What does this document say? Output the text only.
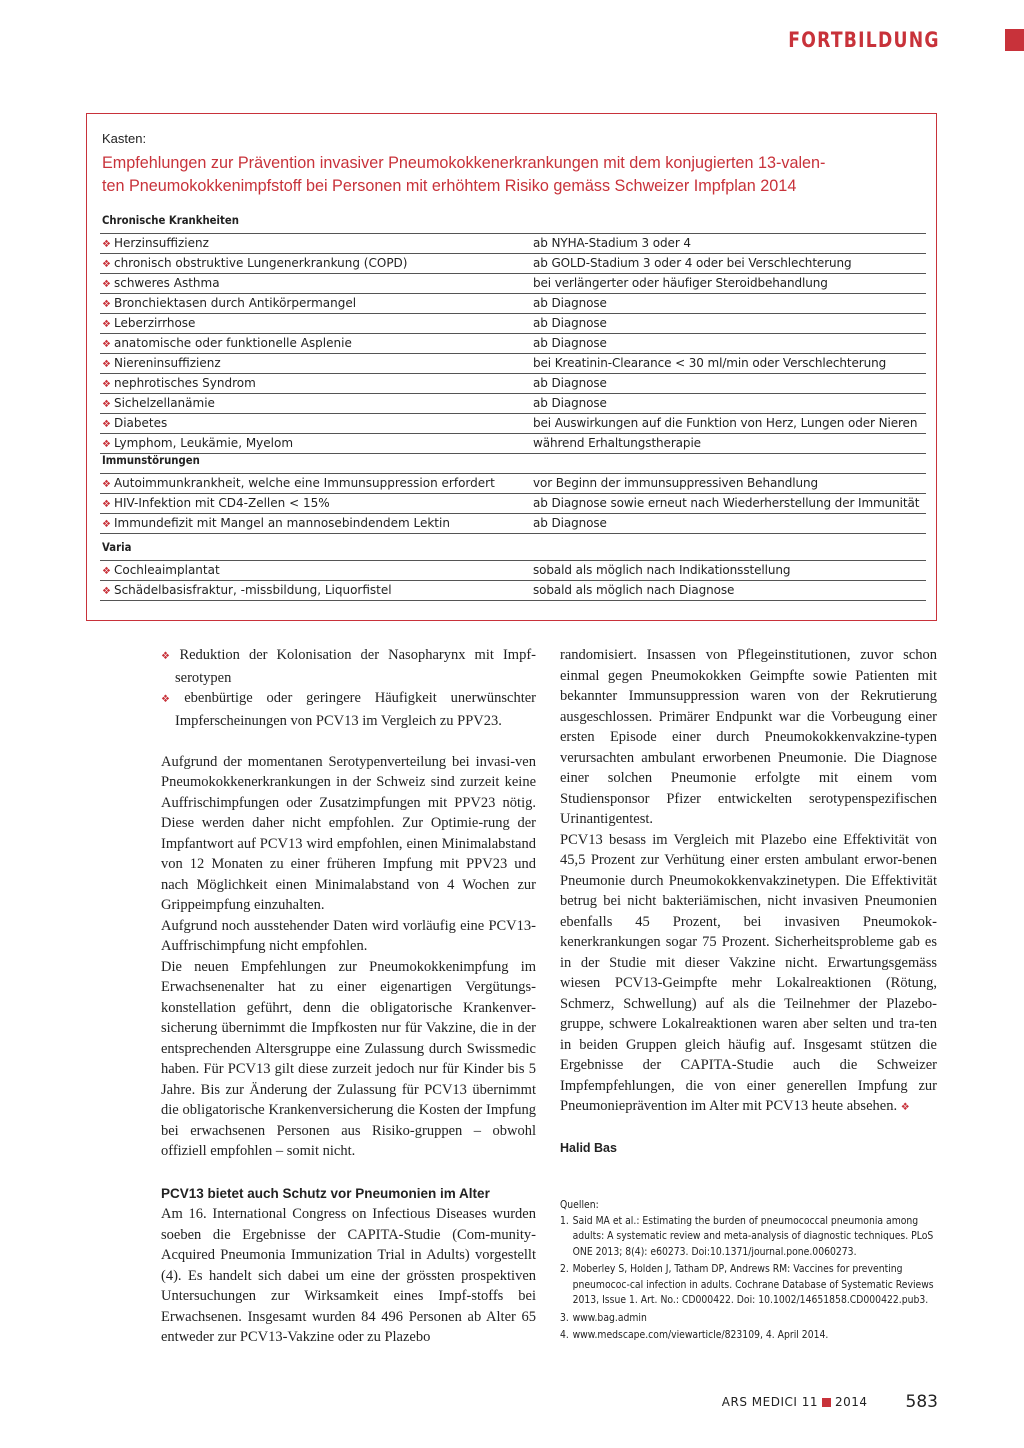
FORTBILDUNG
Kasten:
Empfehlungen zur Prävention invasiver Pneumokokkenerkrankungen mit dem konjugierten 13-valen-
ten Pneumokokkenimpfstoff bei Personen mit erhöhtem Risiko gemäss Schweizer Impfplan 2014
Chronische Krankheiten
❖ Herzinsuffizienz	ab NYHA-Stadium 3 oder 4
❖ chronisch obstruktive Lungenerkrankung (COPD)	ab GOLD-Stadium 3 oder 4 oder bei Verschlechterung
❖ schweres Asthma	bei verlängerter oder häufiger Steroidbehandlung
❖ Bronchiektasen durch Antikörpermangel	ab Diagnose
❖ Leberzirrhose	ab Diagnose
❖ anatomische oder funktionelle Asplenie	ab Diagnose
❖ Niereninsuffizienz	bei Kreatinin-Clearance < 30 ml/min oder Verschlechterung
❖ nephrotisches Syndrom	ab Diagnose
❖ Sichelzellanämie	ab Diagnose
❖ Diabetes	bei Auswirkungen auf die Funktion von Herz, Lungen oder Nieren
❖ Lymphom, Leukämie, Myelom	während Erhaltungstherapie
Immunstörungen
❖ Autoimmunkrankheit, welche eine Immunsuppression erfordert	vor Beginn der immunsuppressiven Behandlung
❖ HIV-Infektion mit CD4-Zellen < 15%	ab Diagnose sowie erneut nach Wiederherstellung der Immunität
❖ Immundefizit mit Mangel an mannosebindendem Lektin	ab Diagnose
Varia
❖ Cochleaimplantat	sobald als möglich nach Indikationsstellung
❖ Schädelbasisfraktur, -missbildung, Liquorfistel	sobald als möglich nach Diagnose

❖ Reduktion der Kolonisation der Nasopharynx mit Impf-serotypen

❖ ebenbürtige oder geringere Häufigkeit unerwünschter Impferscheinungen von PCV13 im Vergleich zu PPV23.

Aufgrund der momentanen Serotypenverteilung bei invasi-ven Pneumokokkenerkrankungen in der Schweiz sind zurzeit keine Auffrischimpfungen oder Zusatzimpfungen mit PPV23 nötig. Diese werden daher nicht empfohlen. Zur Optimie-rung der Impfantwort auf PCV13 wird empfohlen, einen Minimalabstand von 12 Monaten zu einer früheren Impfung mit PPV23 und nach Möglichkeit einen Minimalabstand von 4 Wochen zur Grippeimpfung einzuhalten.

Aufgrund noch ausstehender Daten wird vorläufig eine PCV13-Auffrischimpfung nicht empfohlen.

Die neuen Empfehlungen zur Pneumokokkenimpfung im Erwachsenenalter hat zu einer eigenartigen Vergütungs-konstellation geführt, denn die obligatorische Krankenver-sicherung übernimmt die Impfkosten nur für Vakzine, die in der entsprechenden Altersgruppe eine Zulassung durch Swissmedic haben. Für PCV13 gilt diese zurzeit jedoch nur für Kinder bis 5 Jahre. Bis zur Änderung der Zulassung für PCV13 übernimmt die obligatorische Krankenversicherung die Kosten der Impfung bei erwachsenen Personen aus Risiko-gruppen – obwohl offiziell empfohlen – somit nicht.

PCV13 bietet auch Schutz vor Pneumonien im Alter

Am 16. International Congress on Infectious Diseases wurden soeben die Ergebnisse der CAPITA-Studie (Com-munity-Acquired Pneumonia Immunization Trial in Adults) vorgestellt (4). Es handelt sich dabei um eine der grössten prospektiven Untersuchungen zur Wirksamkeit eines Impf-stoffs bei Erwachsenen. Insgesamt wurden 84 496 Personen ab Alter 65 entweder zur PCV13-Vakzine oder zu Plazebo

randomisiert. Insassen von Pflegeinstitutionen, zuvor schon einmal gegen Pneumokokken Geimpfte sowie Patienten mit bekannter Immunsuppression waren von der Rekrutierung ausgeschlossen. Primärer Endpunkt war die Vorbeugung einer ersten Episode einer durch Pneumokokkenvakzine-typen verursachten ambulant erworbenen Pneumonie. Die Diagnose einer solchen Pneumonie erfolgte mit einem vom Studiensponsor Pfizer entwickelten serotypenspezifischen Urinantigentest.

PCV13 besass im Vergleich mit Plazebo eine Effektivität von 45,5 Prozent zur Verhütung einer ersten ambulant erwor-benen Pneumonie durch Pneumokokkenvakzinetypen. Die Effektivität betrug bei nicht bakteriämischen, nicht invasiven Pneumonien ebenfalls 45 Prozent, bei invasiven Pneumokok-kenerkrankungen sogar 75 Prozent. Sicherheitsprobleme gab es in der Studie mit dieser Vakzine nicht. Erwartungsgemäss wiesen PCV13-Geimpfte mehr Lokalreaktionen (Rötung, Schmerz, Schwellung) auf als die Teilnehmer der Plazebo-gruppe, schwere Lokalreaktionen waren aber selten und tra-ten in beiden Gruppen gleich häufig auf. Insgesamt stützen die Ergebnisse der CAPITA-Studie auch die Schweizer Impfempfehlungen, die von einer generellen Impfung zur Pneumonieprävention im Alter mit PCV13 heute absehen. ❖

Halid Bas
Quellen:
1. Said MA et al.: Estimating the burden of pneumococcal pneumonia among adults: A systematic review and meta-analysis of diagnostic techniques. PLoS ONE 2013; 8(4): e60273. Doi:10.1371/journal.pone.0060273.
2. Moberley S, Holden J, Tatham DP, Andrews RM: Vaccines for preventing pneumococ-cal infection in adults. Cochrane Database of Systematic Reviews 2013, Issue 1. Art. No.: CD000422. Doi: 10.1002/14651858.CD000422.pub3.
3. www.bag.admin
4. www.medscape.com/viewarticle/823109, 4. April 2014.
ARS MEDICI 11 2014 583
